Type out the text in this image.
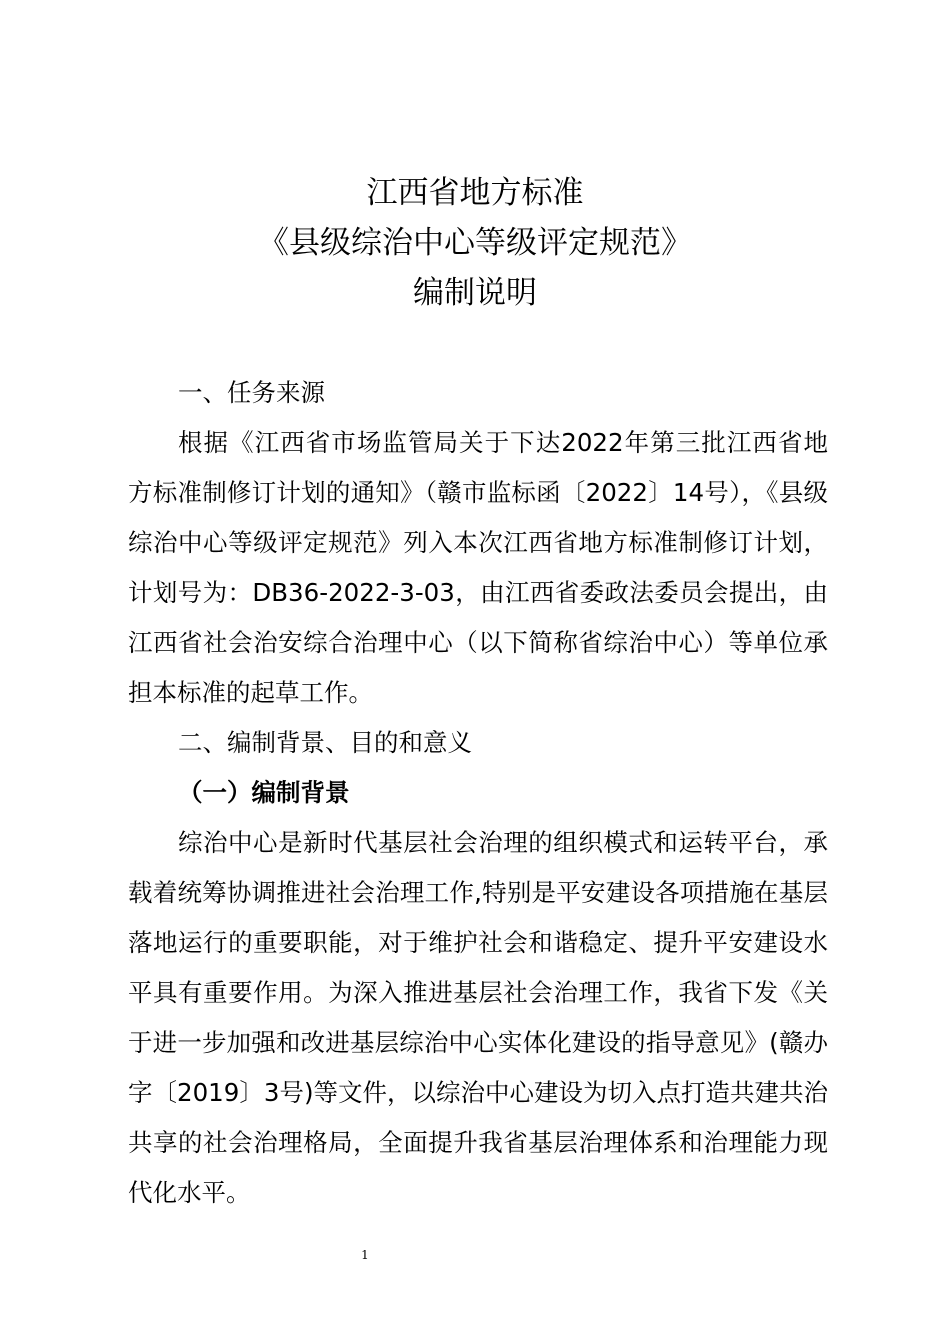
江西省地方标准
《县级综治中心等级评定规范》
编制说明

一、任务来源

根据《江西省市场监管局关于下达2022年第三批江西省地方标准制修订计划的通知》（赣市监标函〔2022〕14号），《县级综治中心等级评定规范》列入本次江西省地方标准制修订计划，计划号为：DB36-2022-3-03，由江西省委政法委员会提出，由江西省社会治安综合治理中心（以下简称省综治中心）等单位承担本标准的起草工作。

二、编制背景、目的和意义

（一）编制背景

综治中心是新时代基层社会治理的组织模式和运转平台，承载着统筹协调推进社会治理工作,特别是平安建设各项措施在基层落地运行的重要职能，对于维护社会和谐稳定、提升平安建设水平具有重要作用。为深入推进基层社会治理工作，我省下发《关于进一步加强和改进基层综治中心实体化建设的指导意见》(赣办字〔2019〕3号)等文件，以综治中心建设为切入点打造共建共治共享的社会治理格局，全面提升我省基层治理体系和治理能力现代化水平。

1
